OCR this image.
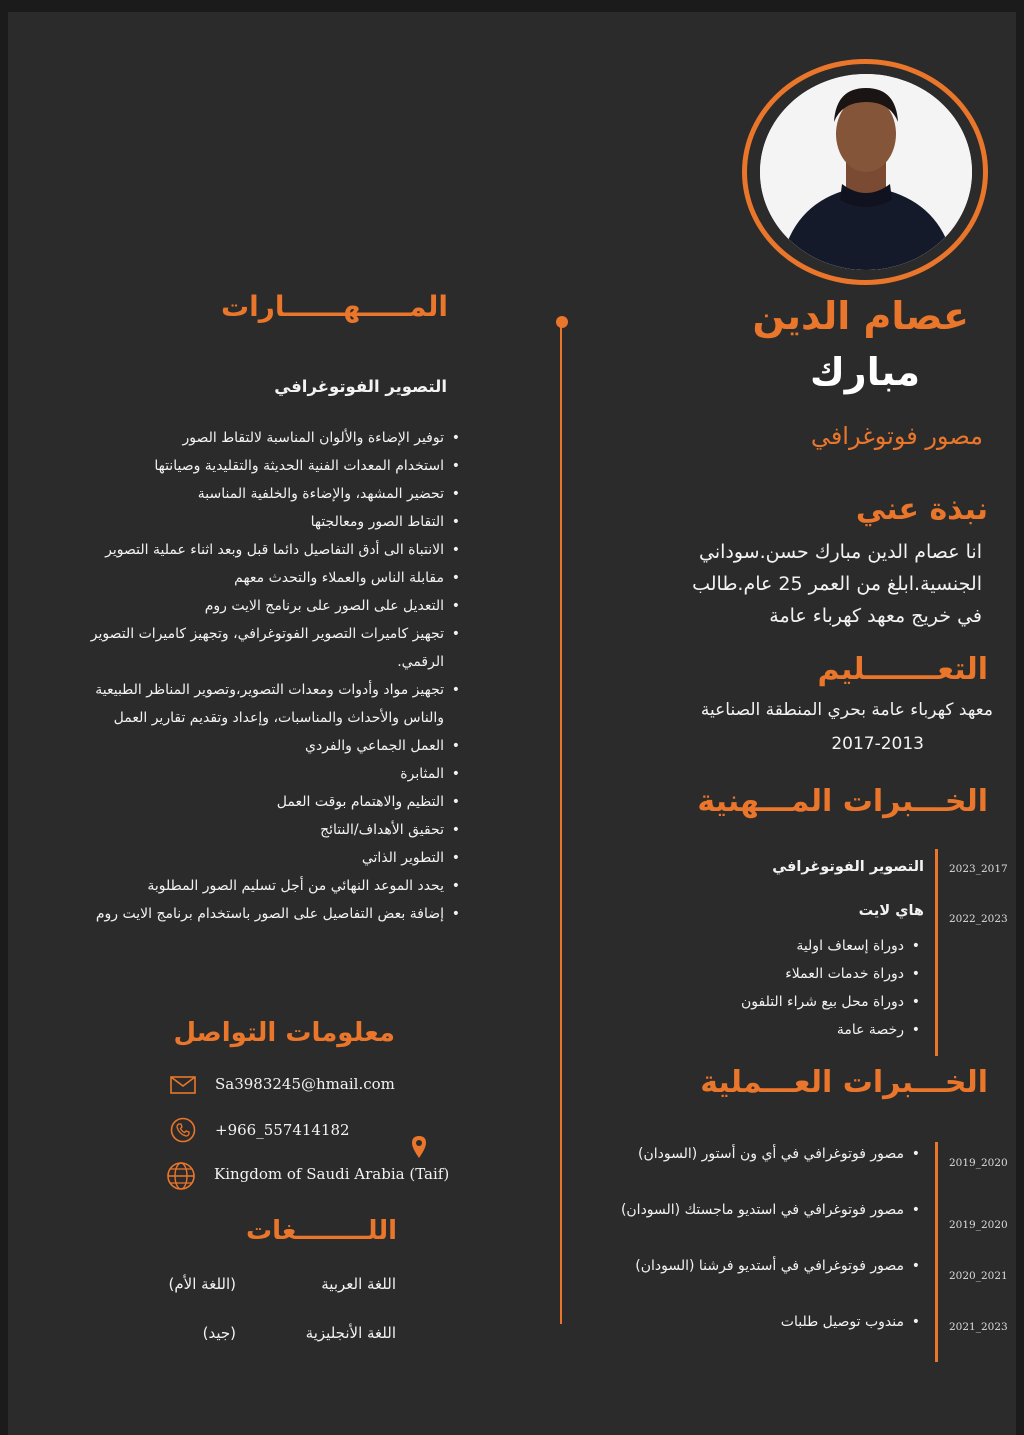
عصام الدين
مبارك
مصور فوتوغرافي
نبذة عني
انا عصام الدين مبارك حسن.سوداني الجنسية.ابلغ من العمر 25 عام.طالب في خريج معهد كهرباء عامة
التعـــــــليم
معهد كهرباء عامة بحري المنطقة الصناعية
2017-2013
الخـــبرات المـــهنية
2023_2017
التصوير الفوتوغرافي
2022_2023
هاي لايت
• دوراة إسعاف اولية
• دوراة خدمات العملاء
• دوراة محل بيع شراء التلفون
• رخصة عامة
الخـــبرات العـــملية
2019_2020
2019_2020
2020_2021
2021_2023
• مصور فوتوغرافي في أي ون أستور (السودان)
• مصور فوتوغرافي في استديو ماجستك (السودان)
• مصور فوتوغرافي في أستديو فرشنا (السودان)
• مندوب توصيل طلبات
المـــــهــــــارات
التصوير الفوتوغرافي
• توفير الإضاءة والألوان المناسبة لالتقاط الصور
• استخدام المعدات الفنية الحديثة والتقليدية وصيانتها
• تحضير المشهد، والإضاءة والخلفية المناسبة
• التقاط الصور ومعالجتها
• الانتباة الى أدق التفاصيل دائما قبل وبعد اثناء عملية التصوير
• مقابلة الناس والعملاء والتحدث معهم
• التعديل على الصور على برنامج الايت روم
• تجهيز كاميرات التصوير الفوتوغرافي، وتجهيز كاميرات التصوير الرقمي.
• تجهيز مواد وأدوات ومعدات التصوير،وتصوير المناظر الطبيعية والناس والأحداث والمناسبات، وإعداد وتقديم تقارير العمل
• العمل الجماعي والفردي
• المثابرة
• التظيم والاهتمام بوقت العمل
• تحقيق الأهداف/النتائج
• التطوير الذاتي
• يحدد الموعد النهائي من أجل تسليم الصور المطلوبة
• إضافة بعض التفاصيل على الصور باستخدام برنامج الايت روم
معلومات التواصل
Sa3983245@hmail.com
+966_557414182
Kingdom of Saudi Arabia (Taif)
اللــــــــغات
اللغة العربية
(اللغة الأم)
اللغة الأنجليزية
(جيد)
